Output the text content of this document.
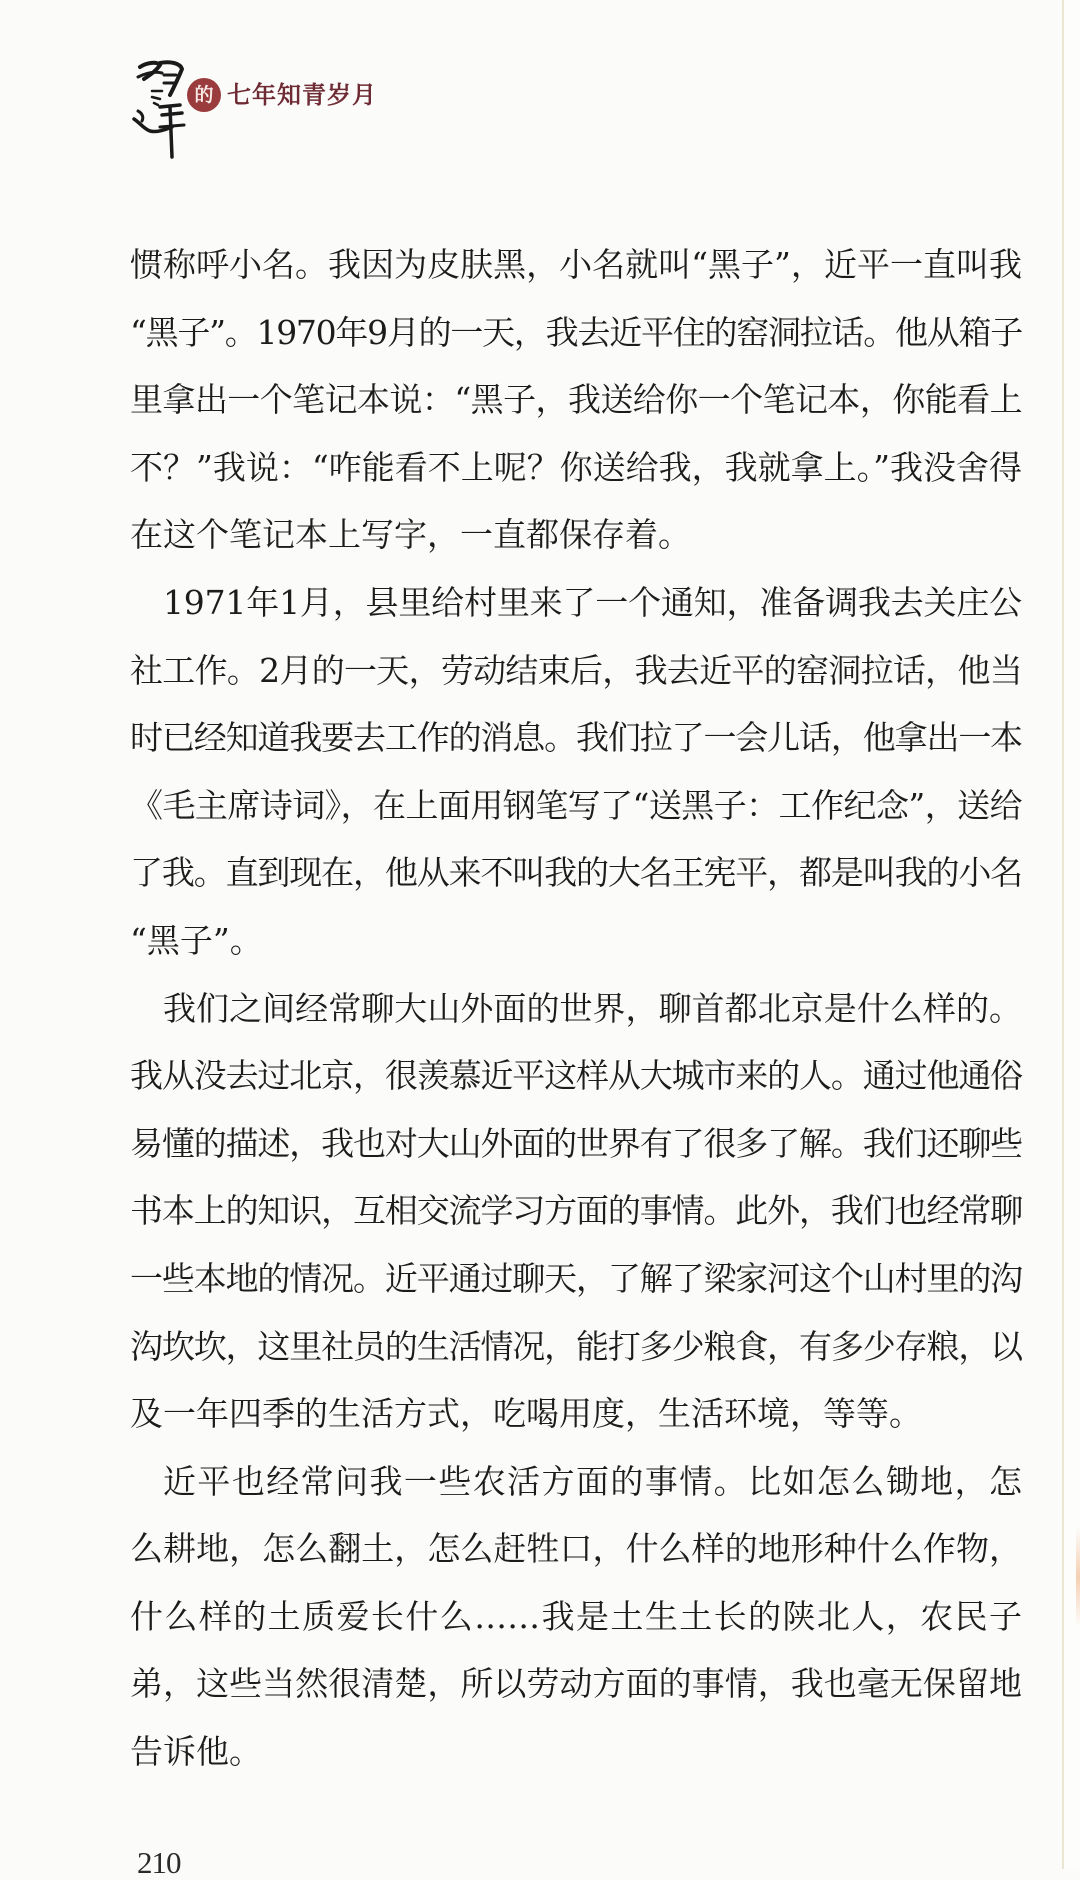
的 七年知青岁月
惯称呼小名。我因为皮肤黑，小名就叫“黑子”，近平一直叫我
“黑子”。1970年9月的一天，我去近平住的窑洞拉话。他从箱子
里拿出一个笔记本说：“黑子，我送给你一个笔记本，你能看上
不？”我说：“咋能看不上呢？你送给我，我就拿上。”我没舍得
在这个笔记本上写字，一直都保存着。
1971年1月，县里给村里来了一个通知，准备调我去关庄公
社工作。2月的一天，劳动结束后，我去近平的窑洞拉话，他当
时已经知道我要去工作的消息。我们拉了一会儿话，他拿出一本
《毛主席诗词》，在上面用钢笔写了“送黑子：工作纪念”，送给
了我。直到现在，他从来不叫我的大名王宪平，都是叫我的小名
“黑子”。
我们之间经常聊大山外面的世界，聊首都北京是什么样的。
我从没去过北京，很羡慕近平这样从大城市来的人。通过他通俗
易懂的描述，我也对大山外面的世界有了很多了解。我们还聊些
书本上的知识，互相交流学习方面的事情。此外，我们也经常聊
一些本地的情况。近平通过聊天，了解了梁家河这个山村里的沟
沟坎坎，这里社员的生活情况，能打多少粮食，有多少存粮，以
及一年四季的生活方式，吃喝用度，生活环境，等等。
近平也经常问我一些农活方面的事情。比如怎么锄地，怎
么耕地，怎么翻土，怎么赶牲口，什么样的地形种什么作物，
什么样的土质爱长什么……我是土生土长的陕北人，农民子
弟，这些当然很清楚，所以劳动方面的事情，我也毫无保留地
告诉他。
210
